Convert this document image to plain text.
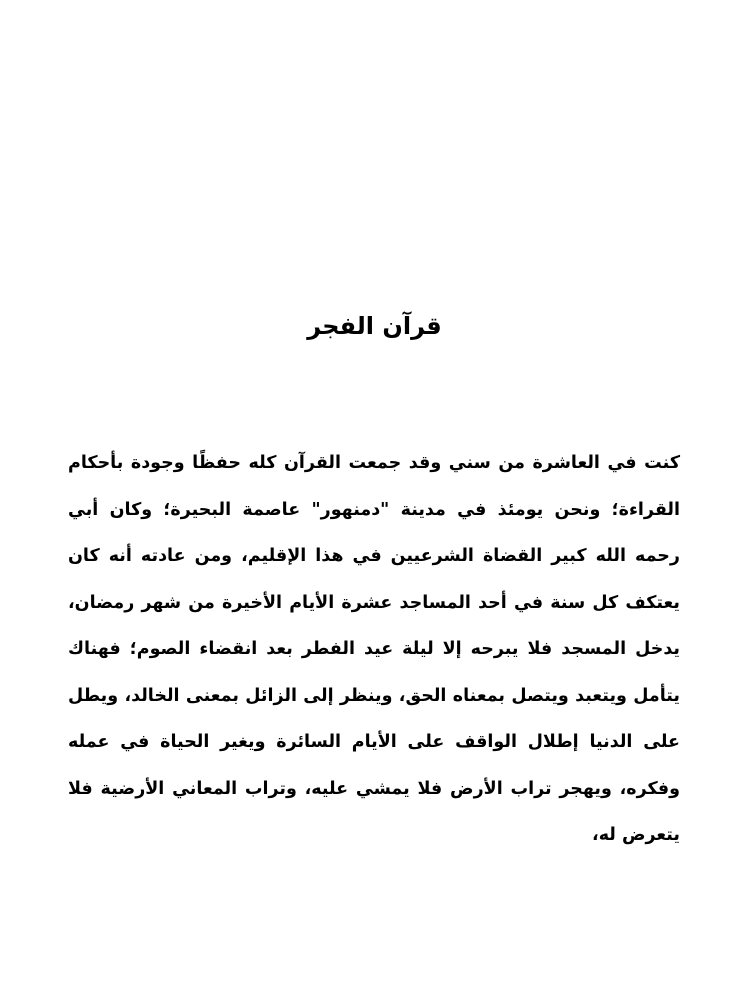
قرآن الفجر
كنت في العاشرة من سني وقد جمعت القرآن كله حفظًا وجودة بأحكام
القراءة؛ ونحن يومئذ في مدينة "دمنهور" عاصمة البحيرة؛ وكان أبي
رحمه الله كبير القضاة الشرعيين في هذا الإقليم، ومن عادته أنه كان
يعتكف كل سنة في أحد المساجد عشرة الأيام الأخيرة من شهر رمضان،
يدخل المسجد فلا يبرحه إلا ليلة عيد الفطر بعد انقضاء الصوم؛ فهناك
يتأمل ويتعبد ويتصل بمعناه الحق، وينظر إلى الزائل بمعنى الخالد، ويطل
على الدنيا إطلال الواقف على الأيام السائرة ويغير الحياة في عمله
وفكره، ويهجر تراب الأرض فلا يمشي عليه، وتراب المعاني الأرضية فلا
يتعرض له،
